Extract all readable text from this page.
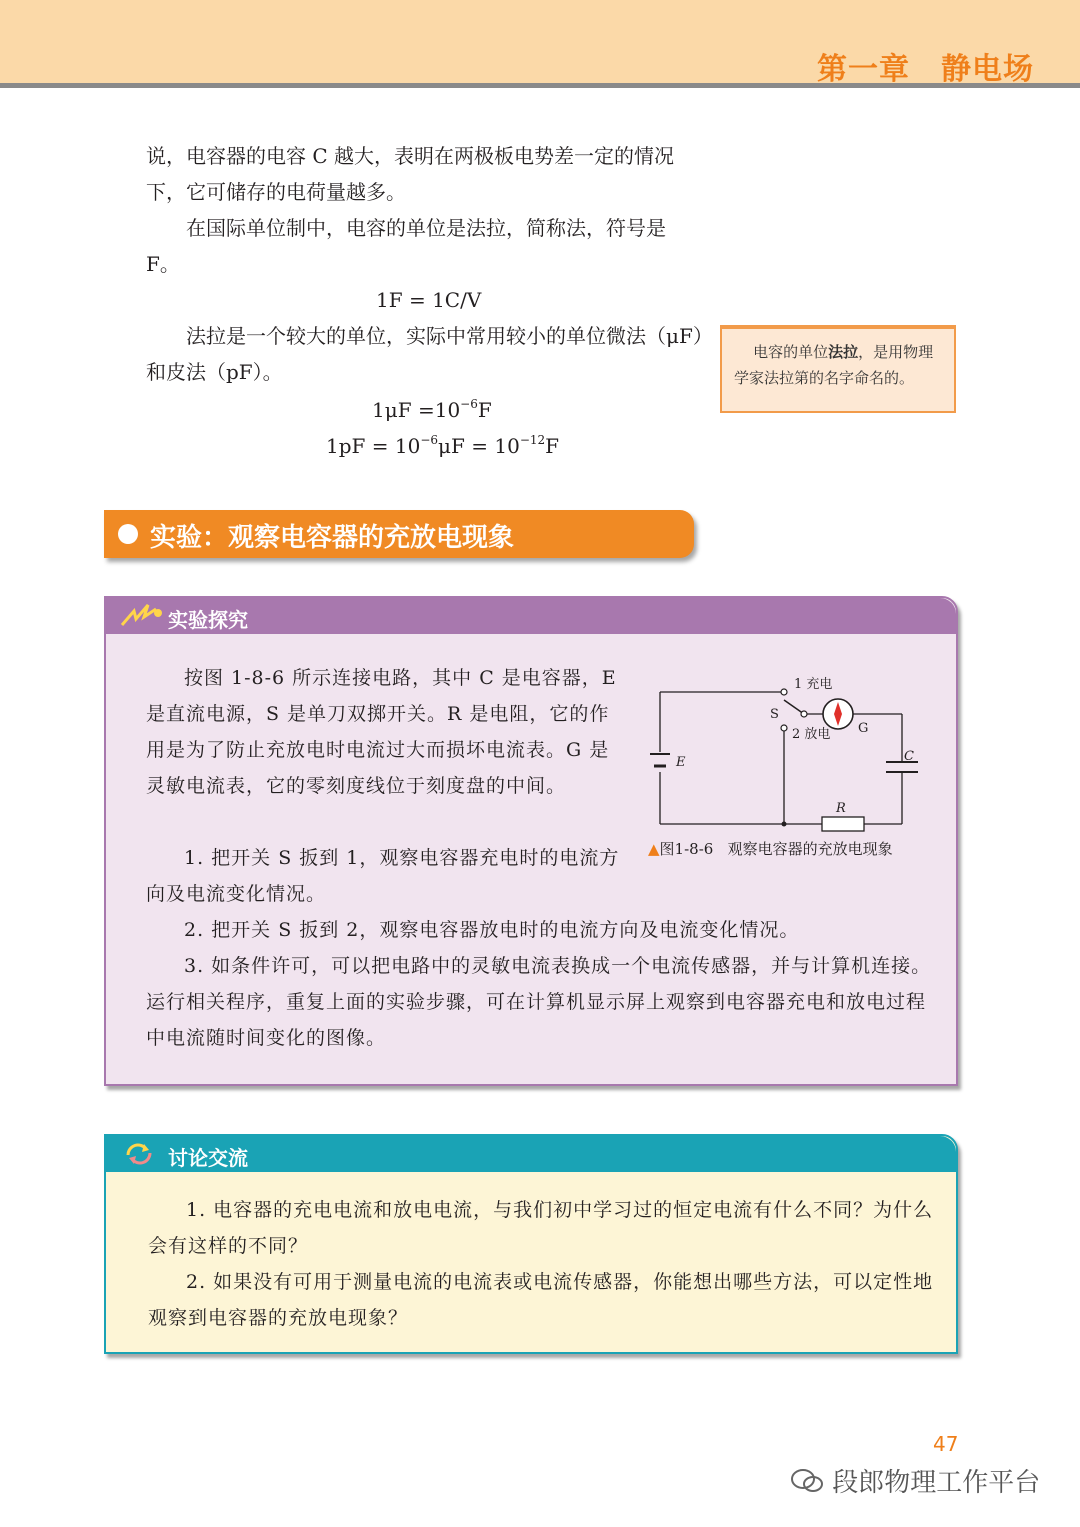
第一章　静电场

说，电容器的电容 C 越大，表明在两极板电势差一定的情况下，它可储存的电荷量越多。

在国际单位制中，电容的单位是法拉，简称法，符号是 F。

1F = 1C/V

法拉是一个较大的单位，实际中常用较小的单位微法（μF）和皮法（pF）。

$1\mu F =10^{-6}F$
$1pF = 10^{-6}\mu F = 10^{-12}F$
电容的单位法拉，是用物理学家法拉第的名字命名的。
实验：观察电容器的充放电现象
实验探究

按图 1-8-6 所示连接电路，其中 C 是电容器，E 是直流电源，S 是单刀双掷开关。R 是电阻，它的作用是为了防止充放电时电流过大而损坏电流表。G 是灵敏电流表，它的零刻度线位于刻度盘的中间。

1. 把开关 S 扳到 1，观察电容器充电时的电流方向及电流变化情况。

2. 把开关 S 扳到 2，观察电容器放电时的电流方向及电流变化情况。

3. 如条件许可，可以把电路中的灵敏电流表换成一个电流传感器，并与计算机连接。运行相关程序，重复上面的实验步骤，可在计算机显示屏上观察到电容器充电和放电过程中电流随时间变化的图像。

1 充电
2 放电
S
G
E	C
R
▲图1-8-6 观察电容器的充放电现象
讨论交流

1. 电容器的充电电流和放电电流，与我们初中学习过的恒定电流有什么不同？为什么会有这样的不同？

2. 如果没有可用于测量电流的电流表或电流传感器，你能想出哪些方法，可以定性地观察到电容器的充放电现象？

47
段郎物理工作平台
